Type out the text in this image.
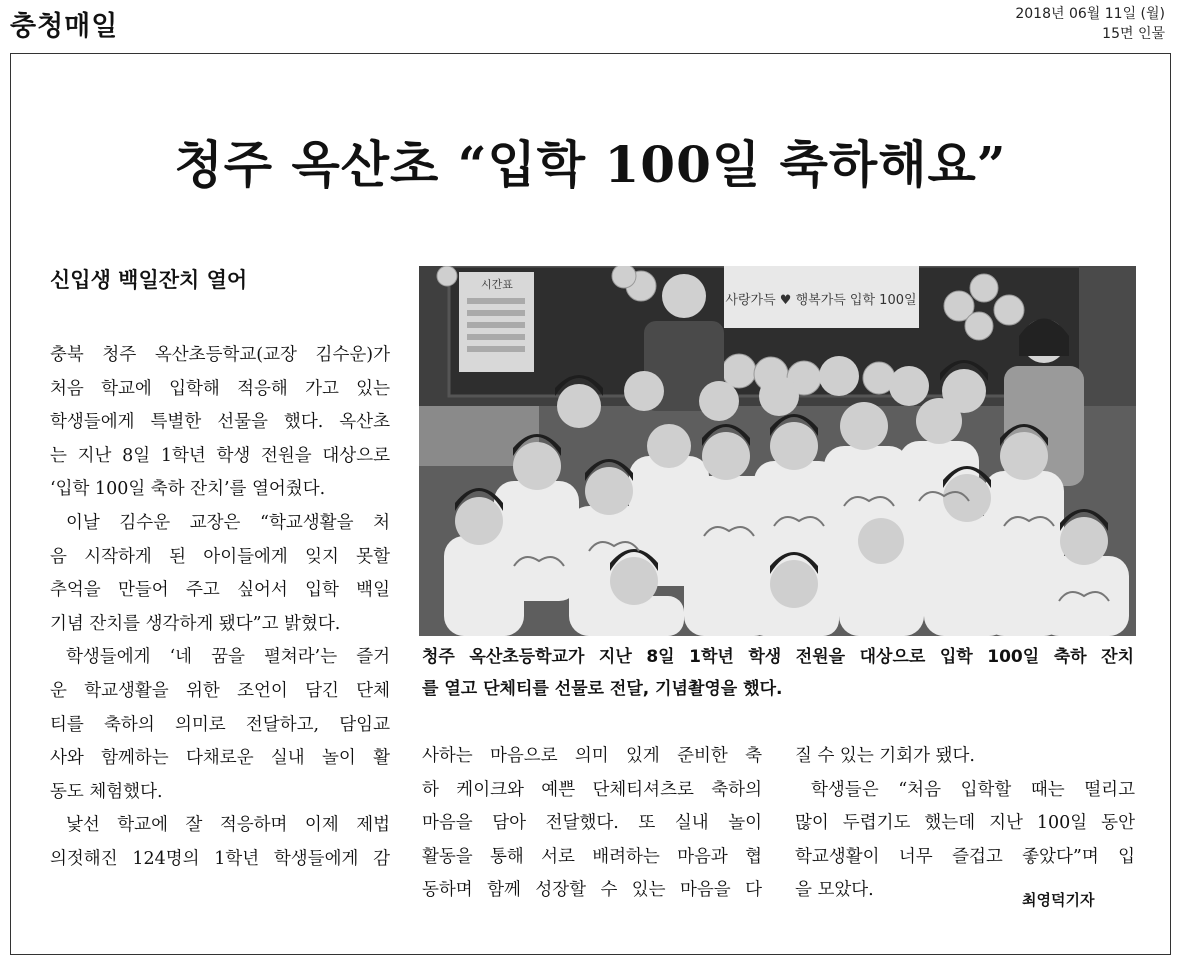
충청매일	2018년 06월 11일 (월)
15면 인물
청주 옥산초 “입학 100일 축하해요”
신입생 백일잔치 열어

충북 청주 옥산초등학교(교장 김수운)가

처음 학교에 입학해 적응해 가고 있는

학생들에게 특별한 선물을 했다. 옥산초

는 지난 8일 1학년 학생 전원을 대상으로

‘입학 100일 축하 잔치’를 열어줬다.

이날 김수운 교장은 “학교생활을 처

음 시작하게 된 아이들에게 잊지 못할

추억을 만들어 주고 싶어서 입학 백일

기념 잔치를 생각하게 됐다”고 밝혔다.

학생들에게 ‘네 꿈을 펼쳐라’는 즐거

운 학교생활을 위한 조언이 담긴 단체

티를 축하의 의미로 전달하고, 담임교

사와 함께하는 다채로운 실내 놀이 활

동도 체험했다.

낯선 학교에 잘 적응하며 이제 제법

의젓해진 124명의 1학년 학생들에게 감

시간표
사랑가득 ♥ 행복가득 입학 100일

청주 옥산초등학교가 지난 8일 1학년 학생 전원을 대상으로 입학 100일 축하 잔치

를 열고 단체티를 선물로 전달, 기념촬영을 했다.

사하는 마음으로 의미 있게 준비한 축

하 케이크와 예쁜 단체티셔츠로 축하의

마음을 담아 전달했다. 또 실내 놀이

활동을 통해 서로 배려하는 마음과 협

동하며 함께 성장할 수 있는 마음을 다

질 수 있는 기회가 됐다.

학생들은 “처음 입학할 때는 떨리고

많이 두렵기도 했는데 지난 100일 동안

학교생활이 너무 즐겁고 좋았다”며 입

을 모았다.	최영덕기자
